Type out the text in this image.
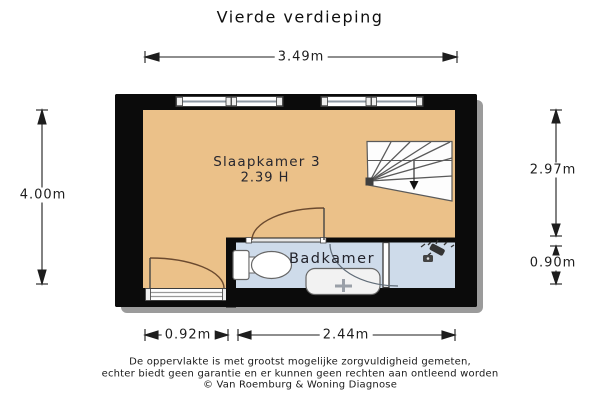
Vierde verdieping
3.49m
4.00m
2.97m
0.90m
0.92m	2.44m
Slaapkamer 3
2.39 H
Badkamer
De oppervlakte is met grootst mogelijke zorgvuldigheid gemeten,
echter biedt geen garantie en er kunnen geen rechten aan ontleend worden
© Van Roemburg & Woning Diagnose
